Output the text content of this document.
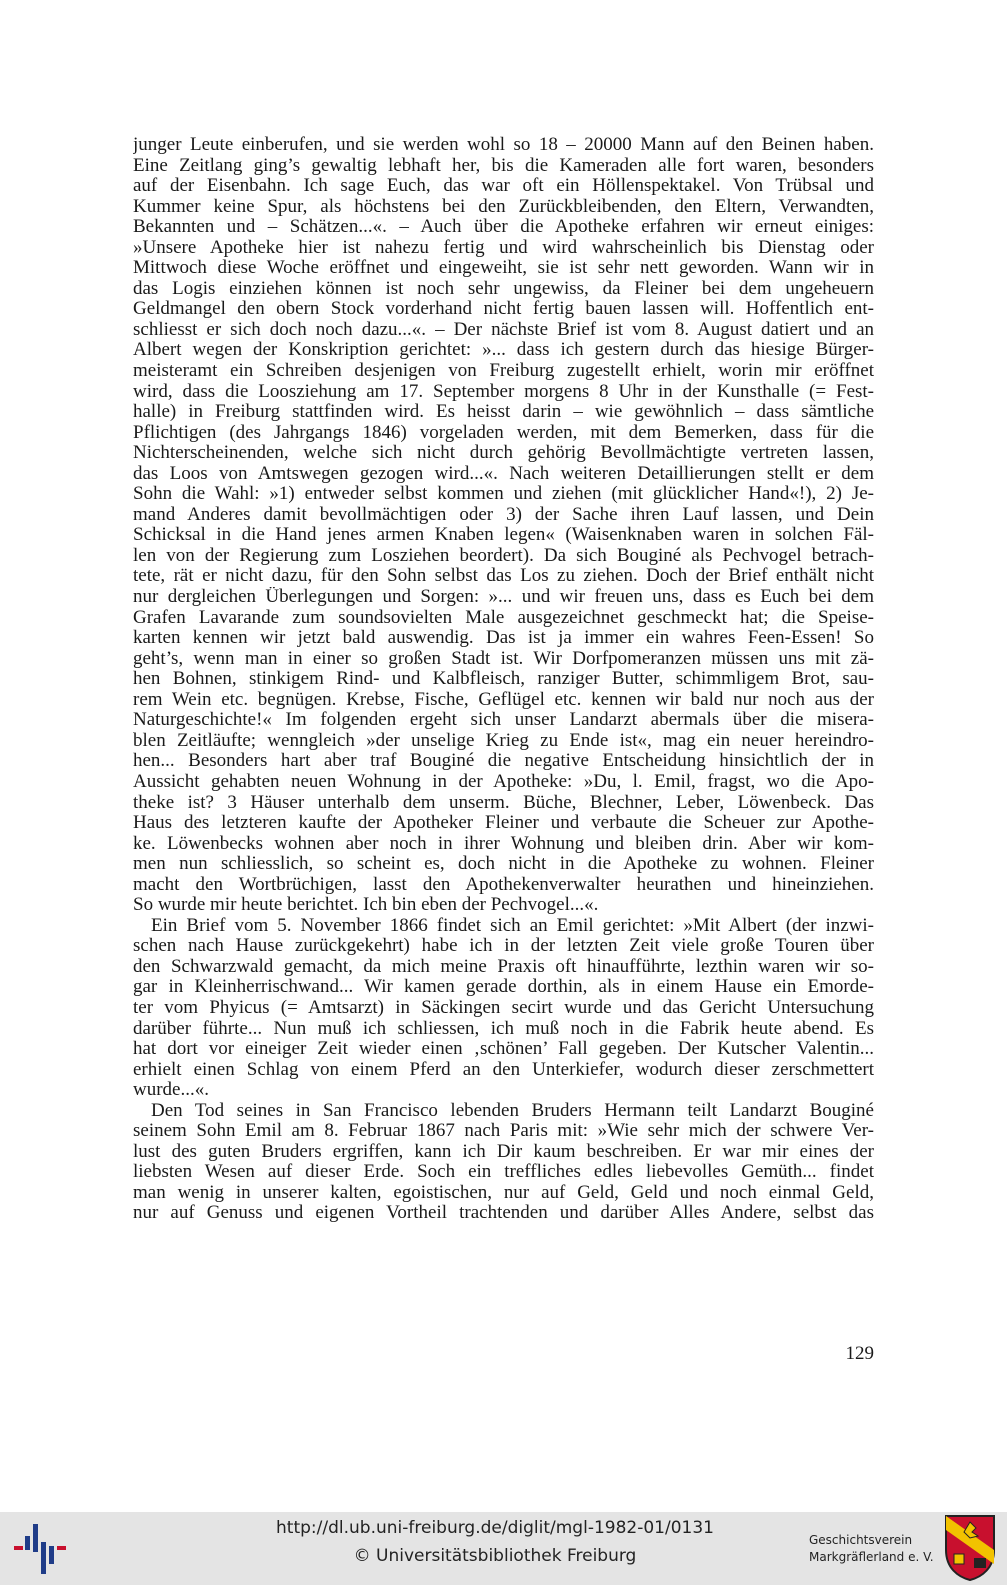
junger Leute einberufen, und sie werden wohl so 18 – 20000 Mann auf den Beinen haben.
Eine Zeitlang ging’s gewaltig lebhaft her, bis die Kameraden alle fort waren, besonders
auf der Eisenbahn. Ich sage Euch, das war oft ein Höllenspektakel. Von Trübsal und
Kummer keine Spur, als höchstens bei den Zurückbleibenden, den Eltern, Verwandten,
Bekannten und – Schätzen...«. – Auch über die Apotheke erfahren wir erneut einiges:
»Unsere Apotheke hier ist nahezu fertig und wird wahrscheinlich bis Dienstag oder
Mittwoch diese Woche eröffnet und eingeweiht, sie ist sehr nett geworden. Wann wir in
das Logis einziehen können ist noch sehr ungewiss, da Fleiner bei dem ungeheuern
Geldmangel den obern Stock vorderhand nicht fertig bauen lassen will. Hoffentlich ent-
schliesst er sich doch noch dazu...«. – Der nächste Brief ist vom 8. August datiert und an
Albert wegen der Konskription gerichtet: »... dass ich gestern durch das hiesige Bürger-
meisteramt ein Schreiben desjenigen von Freiburg zugestellt erhielt, worin mir eröffnet
wird, dass die Loosziehung am 17. September morgens 8 Uhr in der Kunsthalle (= Fest-
halle) in Freiburg stattfinden wird. Es heisst darin – wie gewöhnlich – dass sämtliche
Pflichtigen (des Jahrgangs 1846) vorgeladen werden, mit dem Bemerken, dass für die
Nichterscheinenden, welche sich nicht durch gehörig Bevollmächtigte vertreten lassen,
das Loos von Amtswegen gezogen wird...«. Nach weiteren Detaillierungen stellt er dem
Sohn die Wahl: »1) entweder selbst kommen und ziehen (mit glücklicher Hand«!), 2) Je-
mand Anderes damit bevollmächtigen oder 3) der Sache ihren Lauf lassen, und Dein
Schicksal in die Hand jenes armen Knaben legen« (Waisenknaben waren in solchen Fäl-
len von der Regierung zum Losziehen beordert). Da sich Bouginé als Pechvogel betrach-
tete, rät er nicht dazu, für den Sohn selbst das Los zu ziehen. Doch der Brief enthält nicht
nur dergleichen Überlegungen und Sorgen: »... und wir freuen uns, dass es Euch bei dem
Grafen Lavarande zum soundsovielten Male ausgezeichnet geschmeckt hat; die Speise-
karten kennen wir jetzt bald auswendig. Das ist ja immer ein wahres Feen-Essen! So
geht’s, wenn man in einer so großen Stadt ist. Wir Dorfpomeranzen müssen uns mit zä-
hen Bohnen, stinkigem Rind- und Kalbfleisch, ranziger Butter, schimmligem Brot, sau-
rem Wein etc. begnügen. Krebse, Fische, Geflügel etc. kennen wir bald nur noch aus der
Naturgeschichte!« Im folgenden ergeht sich unser Landarzt abermals über die misera-
blen Zeitläufte; wenngleich »der unselige Krieg zu Ende ist«, mag ein neuer hereindro-
hen... Besonders hart aber traf Bouginé die negative Entscheidung hinsichtlich der in
Aussicht gehabten neuen Wohnung in der Apotheke: »Du, l. Emil, fragst, wo die Apo-
theke ist? 3 Häuser unterhalb dem unserm. Büche, Blechner, Leber, Löwenbeck. Das
Haus des letzteren kaufte der Apotheker Fleiner und verbaute die Scheuer zur Apothe-
ke. Löwenbecks wohnen aber noch in ihrer Wohnung und bleiben drin. Aber wir kom-
men nun schliesslich, so scheint es, doch nicht in die Apotheke zu wohnen. Fleiner
macht den Wortbrüchigen, lasst den Apothekenverwalter heurathen und hineinziehen.
So wurde mir heute berichtet. Ich bin eben der Pechvogel...«.
Ein Brief vom 5. November 1866 findet sich an Emil gerichtet: »Mit Albert (der inzwi-
schen nach Hause zurückgekehrt) habe ich in der letzten Zeit viele große Touren über
den Schwarzwald gemacht, da mich meine Praxis oft hinaufführte, lezthin waren wir so-
gar in Kleinherrischwand... Wir kamen gerade dorthin, als in einem Hause ein Emorde-
ter vom Phyicus (= Amtsarzt) in Säckingen secirt wurde und das Gericht Untersuchung
darüber führte... Nun muß ich schliessen, ich muß noch in die Fabrik heute abend. Es
hat dort vor eineiger Zeit wieder einen ‚schönen’ Fall gegeben. Der Kutscher Valentin...
erhielt einen Schlag von einem Pferd an den Unterkiefer, wodurch dieser zerschmettert
wurde...«.
Den Tod seines in San Francisco lebenden Bruders Hermann teilt Landarzt Bouginé
seinem Sohn Emil am 8. Februar 1867 nach Paris mit: »Wie sehr mich der schwere Ver-
lust des guten Bruders ergriffen, kann ich Dir kaum beschreiben. Er war mir eines der
liebsten Wesen auf dieser Erde. Soch ein treffliches edles liebevolles Gemüth... findet
man wenig in unserer kalten, egoistischen, nur auf Geld, Geld und noch einmal Geld,
nur auf Genuss und eigenen Vortheil trachtenden und darüber Alles Andere, selbst das
129
http://dl.ub.uni-freiburg.de/diglit/mgl-1982-01/0131
© Universitätsbibliothek Freiburg
Geschichtsverein
Markgräflerland e. V.
